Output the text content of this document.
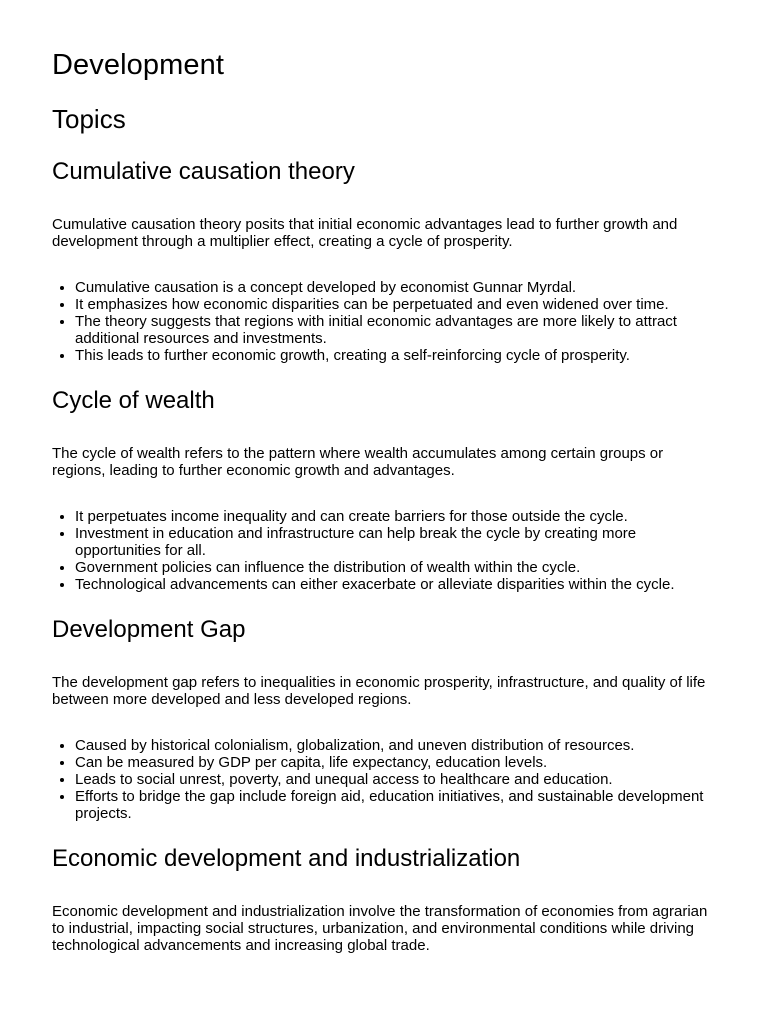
Development
Topics
Cumulative causation theory

Cumulative causation theory posits that initial economic advantages lead to further growth and development through a multiplier effect, creating a cycle of prosperity.

• Cumulative causation is a concept developed by economist Gunnar Myrdal.
• It emphasizes how economic disparities can be perpetuated and even widened over time.
• The theory suggests that regions with initial economic advantages are more likely to attract additional resources and investments.
• This leads to further economic growth, creating a self-reinforcing cycle of prosperity.
Cycle of wealth

The cycle of wealth refers to the pattern where wealth accumulates among certain groups or regions, leading to further economic growth and advantages.

• It perpetuates income inequality and can create barriers for those outside the cycle.
• Investment in education and infrastructure can help break the cycle by creating more opportunities for all.
• Government policies can influence the distribution of wealth within the cycle.
• Technological advancements can either exacerbate or alleviate disparities within the cycle.
Development Gap

The development gap refers to inequalities in economic prosperity, infrastructure, and quality of life between more developed and less developed regions.

• Caused by historical colonialism, globalization, and uneven distribution of resources.
• Can be measured by GDP per capita, life expectancy, education levels.
• Leads to social unrest, poverty, and unequal access to healthcare and education.
• Efforts to bridge the gap include foreign aid, education initiatives, and sustainable development projects.
Economic development and industrialization

Economic development and industrialization involve the transformation of economies from agrarian to industrial, impacting social structures, urbanization, and environmental conditions while driving technological advancements and increasing global trade.
